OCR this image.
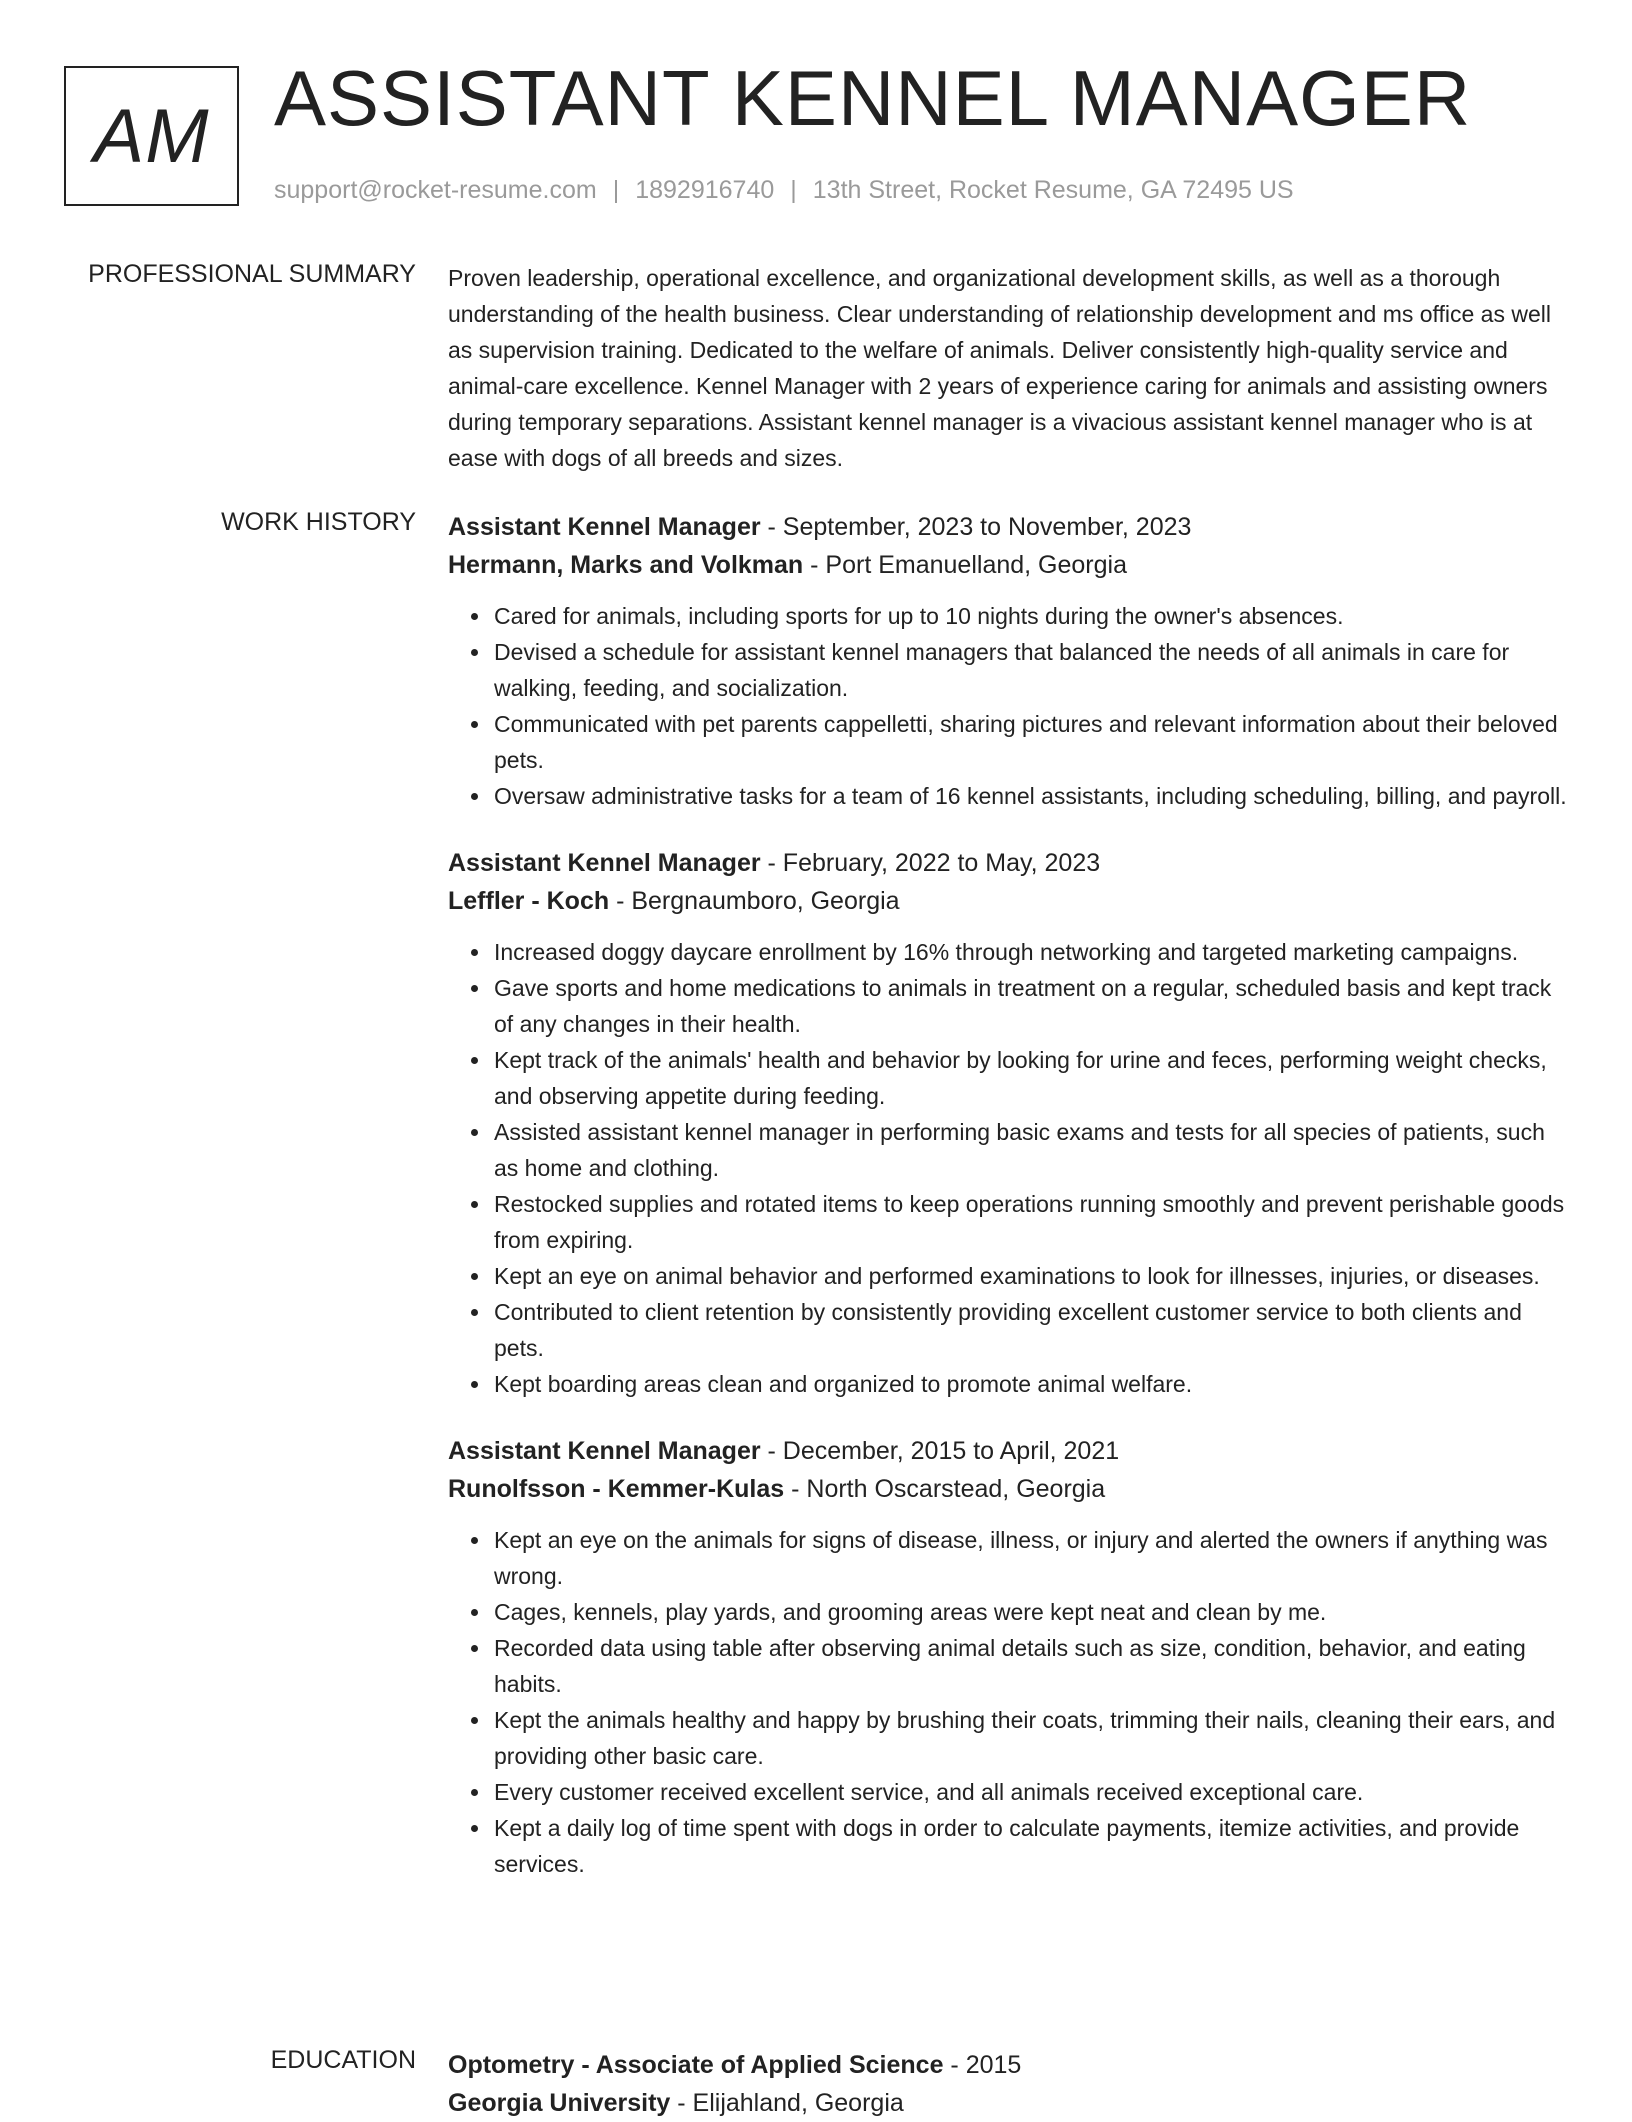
AM ASSISTANT KENNEL MANAGER
support@rocket-resume.com | 1892916740 | 13th Street, Rocket Resume, GA 72495 US
PROFESSIONAL SUMMARY Proven leadership, operational excellence, and organizational development skills, as well as a thorough understanding of the health business. Clear understanding of relationship development and ms office as well as supervision training. Dedicated to the welfare of animals. Deliver consistently high-quality service and animal-care excellence. Kennel Manager with 2 years of experience caring for animals and assisting owners during temporary separations. Assistant kennel manager is a vivacious assistant kennel manager who is at ease with dogs of all breeds and sizes.

WORK HISTORY Assistant Kennel Manager - September, 2023 to November, 2023
Hermann, Marks and Volkman - Port Emanuelland, Georgia
• Cared for animals, including sports for up to 10 nights during the owner's absences.
• Devised a schedule for assistant kennel managers that balanced the needs of all animals in care for walking, feeding, and socialization.
• Communicated with pet parents cappelletti, sharing pictures and relevant information about their beloved pets.
• Oversaw administrative tasks for a team of 16 kennel assistants, including scheduling, billing, and payroll.
Assistant Kennel Manager - February, 2022 to May, 2023
Leffler - Koch - Bergnaumboro, Georgia
• Increased doggy daycare enrollment by 16% through networking and targeted marketing campaigns.
• Gave sports and home medications to animals in treatment on a regular, scheduled basis and kept track of any changes in their health.
• Kept track of the animals' health and behavior by looking for urine and feces, performing weight checks, and observing appetite during feeding.
• Assisted assistant kennel manager in performing basic exams and tests for all species of patients, such as home and clothing.
• Restocked supplies and rotated items to keep operations running smoothly and prevent perishable goods from expiring.
• Kept an eye on animal behavior and performed examinations to look for illnesses, injuries, or diseases.
• Contributed to client retention by consistently providing excellent customer service to both clients and pets.
• Kept boarding areas clean and organized to promote animal welfare.
Assistant Kennel Manager - December, 2015 to April, 2021
Runolfsson - Kemmer-Kulas - North Oscarstead, Georgia
• Kept an eye on the animals for signs of disease, illness, or injury and alerted the owners if anything was wrong.
• Cages, kennels, play yards, and grooming areas were kept neat and clean by me.
• Recorded data using table after observing animal details such as size, condition, behavior, and eating habits.
• Kept the animals healthy and happy by brushing their coats, trimming their nails, cleaning their ears, and providing other basic care.
• Every customer received excellent service, and all animals received exceptional care.
• Kept a daily log of time spent with dogs in order to calculate payments, itemize activities, and provide services.
EDUCATION Optometry - Associate of Applied Science - 2015
Georgia University - Elijahland, Georgia
